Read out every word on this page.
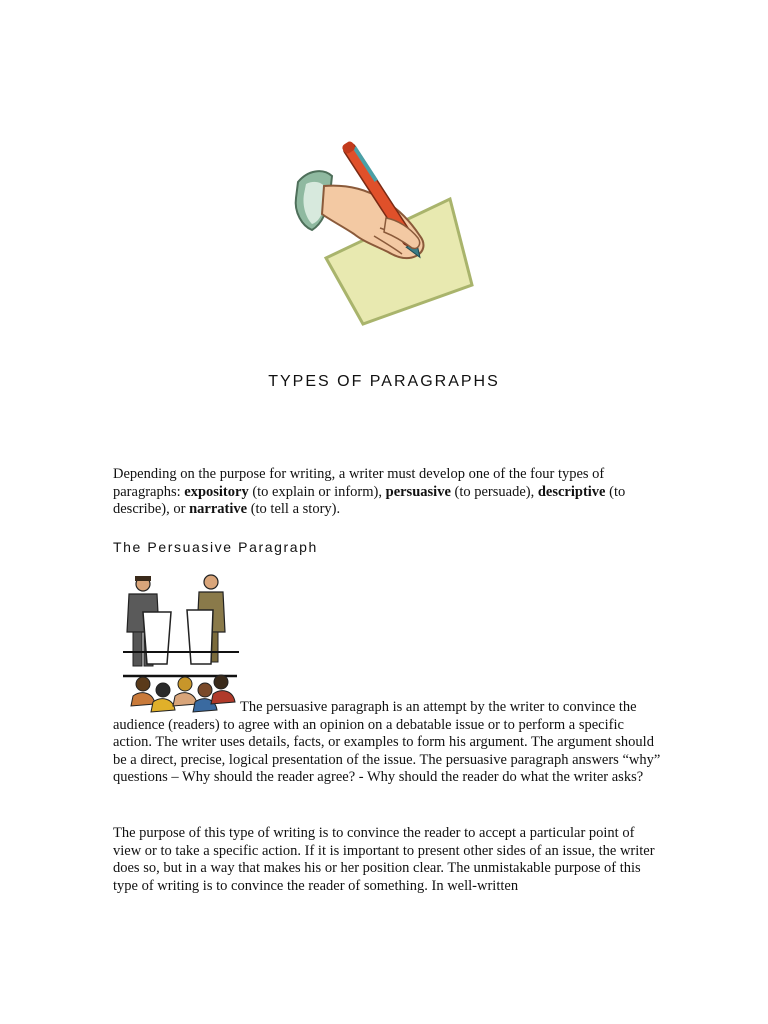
TYPES OF PARAGRAPHS

Depending on the purpose for writing, a writer must develop one of the four types of paragraphs: expository (to explain or inform), persuasive (to persuade), descriptive (to describe), or narrative (to tell a story).

The Persuasive Paragraph

The persuasive paragraph is an attempt by the writer to convince the audience (readers) to agree with an opinion on a debatable issue or to perform a specific action. The writer uses details, facts, or examples to form his argument. The argument should be a direct, precise, logical presentation of the issue. The persuasive paragraph answers “why” questions – Why should the reader agree? - Why should the reader do what the writer asks?

The purpose of this type of writing is to convince the reader to accept a particular point of view or to take a specific action. If it is important to present other sides of an issue, the writer does so, but in a way that makes his or her position clear. The unmistakable purpose of this type of writing is to convince the reader of something. In well-written
